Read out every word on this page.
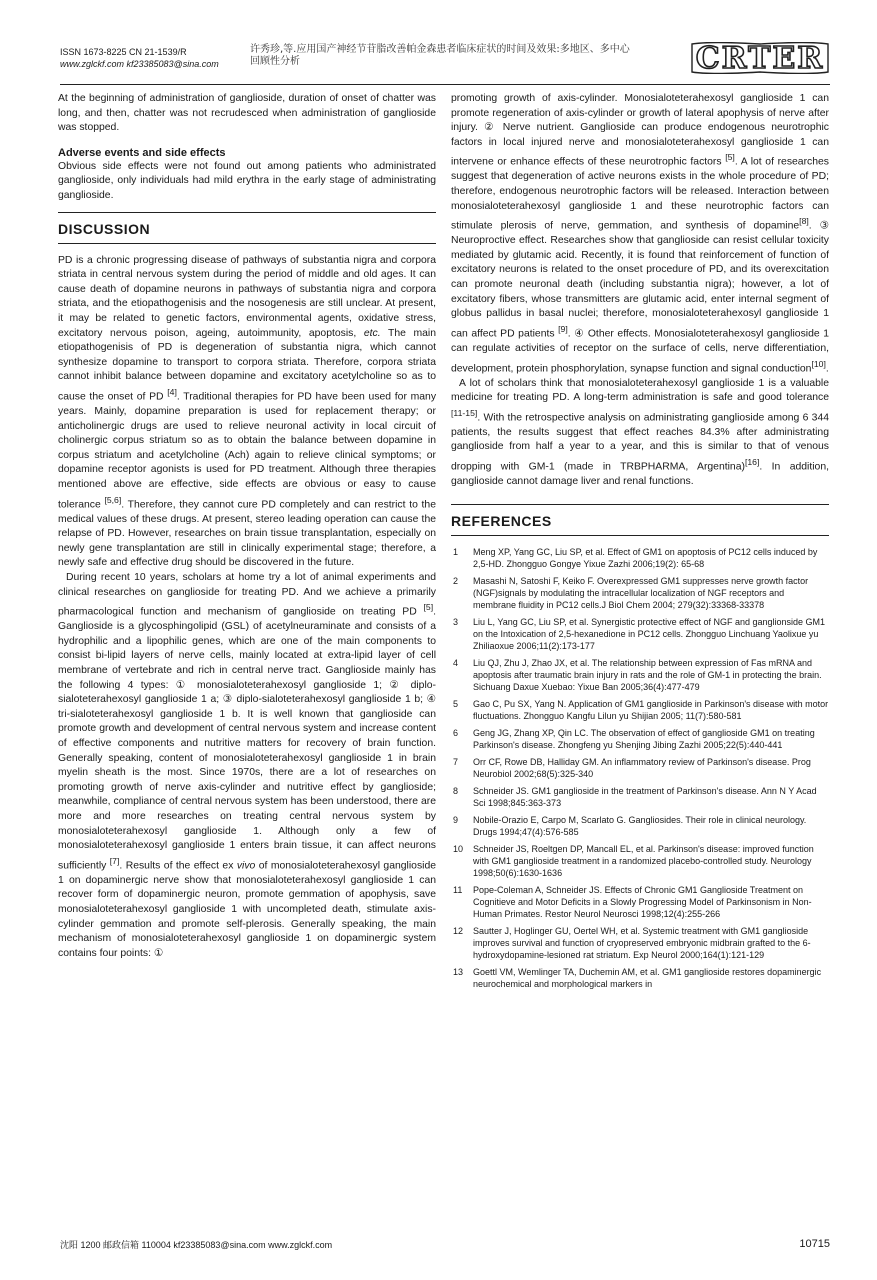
ISSN 1673-8225 CN 21-1539/R
www.zglckf.com kf23385083@sina.com
许秀珍,等.应用国产神经节苷脂改善帕金森患者临床症状的时间及效果:多地区、多中心回顾性分析	CRTER

At the beginning of administration of ganglioside, duration of onset of chatter was long, and then, chatter was not recrudesced when administration of ganglioside was stopped.

Adverse events and side effects

Obvious side effects were not found out among patients who administrated ganglioside, only individuals had mild erythra in the early stage of administrating ganglioside.

DISCUSSION

PD is a chronic progressing disease of pathways of substantia nigra and corpora striata in central nervous system during the period of middle and old ages. It can cause death of dopamine neurons in pathways of substantia nigra and corpora striata, and the etiopathogenisis and the nosogenesis are still unclear. At present, it may be related to genetic factors, environmental agents, oxidative stress, excitatory nervous poison, ageing, autoimmunity, apoptosis, etc. The main etiopathogenisis of PD is degeneration of substantia nigra, which cannot synthesize dopamine to transport to corpora striata. Therefore, corpora striata cannot inhibit balance between dopamine and excitatory acetylcholine so as to cause the onset of PD [4]. Traditional therapies for PD have been used for many years. Mainly, dopamine preparation is used for replacement therapy; or anticholinergic drugs are used to relieve neuronal activity in local circuit of cholinergic corpus striatum so as to obtain the balance between dopamine in corpus striatum and acetylcholine (Ach) again to relieve clinical symptoms; or dopamine receptor agonists is used for PD treatment. Although three therapies mentioned above are effective, side effects are obvious or easy to cause tolerance [5,6]. Therefore, they cannot cure PD completely and can restrict to the medical values of these drugs. At present, stereo leading operation can cause the relapse of PD. However, researches on brain tissue transplantation, especially on newly gene transplantation are still in clinically experimental stage; therefore, a newly safe and effective drug should be discovered in the future.

During recent 10 years, scholars at home try a lot of animal experiments and clinical researches on ganglioside for treating PD. And we achieve a primarily pharmacological function and mechanism of ganglioside on treating PD [5]. Ganglioside is a glycosphingolipid (GSL) of acetylneuraminate and consists of a hydrophilic and a lipophilic genes, which are one of the main components to consist bi-lipid layers of nerve cells, mainly located at extra-lipid layer of cell membrane of vertebrate and rich in central nerve tract. Ganglioside mainly has the following 4 types: ① monosialoteterahexosyl ganglioside 1; ② diplo-sialoteterahexosyl ganglioside 1 a; ③ diplo-sialoteterahexosyl ganglioside 1 b; ④ tri-sialoteterahexosyl ganglioside 1 b. It is well known that ganglioside can promote growth and development of central nervous system and increase content of effective components and nutritive matters for recovery of brain function. Generally speaking, content of monosialoteterahexosyl ganglioside 1 in brain myelin sheath is the most. Since 1970s, there are a lot of researches on promoting growth of nerve axis-cylinder and nutritive effect by ganglioside; meanwhile, compliance of central nervous system has been understood, there are more and more researches on treating central nervous system by monosialoteterahexosyl ganglioside 1. Although only a few of monosialoteterahexosyl ganglioside 1 enters brain tissue, it can affect neurons sufficiently [7]. Results of the effect ex vivo of monosialoteterahexosyl ganglioside 1 on dopaminergic nerve show that monosialoteterahexosyl ganglioside 1 can recover form of dopaminergic neuron, promote gemmation of apophysis, save monosialoteterahexosyl ganglioside 1 with uncompleted death, stimulate axis-cylinder gemmation and promote self-plerosis. Generally speaking, the main mechanism of monosialoteterahexosyl ganglioside 1 on dopaminergic system contains four points: ①

promoting growth of axis-cylinder. Monosialoteterahexosyl ganglioside 1 can promote regeneration of axis-cylinder or growth of lateral apophysis of nerve after injury. ② Nerve nutrient. Ganglioside can produce endogenous neurotrophic factors in local injured nerve and monosialoteterahexosyl ganglioside 1 can intervene or enhance effects of these neurotrophic factors [5]. A lot of researches suggest that degeneration of active neurons exists in the whole procedure of PD; therefore, endogenous neurotrophic factors will be released. Interaction between monosialoteterahexosyl ganglioside 1 and these neurotrophic factors can stimulate plerosis of nerve, gemmation, and synthesis of dopamine[8]. ③ Neuroproctive effect. Researches show that ganglioside can resist cellular toxicity mediated by glutamic acid. Recently, it is found that reinforcement of function of excitatory neurons is related to the onset procedure of PD, and its overexcitation can promote neuronal death (including substantia nigra); however, a lot of excitatory fibers, whose transmitters are glutamic acid, enter internal segment of globus pallidus in basal nuclei; therefore, monosialoteterahexosyl ganglioside 1 can affect PD patients [9]. ④ Other effects. Monosialoteterahexosyl ganglioside 1 can regulate activities of receptor on the surface of cells, nerve differentiation, development, protein phosphorylation, synapse function and signal conduction[10].

A lot of scholars think that monosialoteterahexosyl ganglioside 1 is a valuable medicine for treating PD. A long-term administration is safe and good tolerance [11-15]. With the retrospective analysis on administrating ganglioside among 6 344 patients, the results suggest that effect reaches 84.3% after administrating ganglioside from half a year to a year, and this is similar to that of venous dropping with GM-1 (made in TRBPHARMA, Argentina)[16]. In addition, ganglioside cannot damage liver and renal functions.

REFERENCES
1	Meng XP, Yang GC, Liu SP, et al. Effect of GM1 on apoptosis of PC12 cells induced by 2,5-HD. Zhongguo Gongye Yixue Zazhi 2006;19(2): 65-68
2	Masashi N, Satoshi F, Keiko F. Overexpressed GM1 suppresses nerve growth factor (NGF)signals by modulating the intracellular localization of NGF receptors and membrane fluidity in PC12 cells.J Biol Chem 2004; 279(32):33368-33378
3	Liu L, Yang GC, Liu SP, et al. Synergistic protective effect of NGF and ganglionside GM1 on the Intoxication of 2,5-hexanedione in PC12 cells. Zhongguo Linchuang Yaolixue yu Zhiliaoxue 2006;11(2):173-177
4	Liu QJ, Zhu J, Zhao JX, et al. The relationship between expression of Fas mRNA and apoptosis after traumatic brain injury in rats and the role of GM-1 in protecting the brain. Sichuang Daxue Xuebao: Yixue Ban 2005;36(4):477-479
5	Gao C, Pu SX, Yang N. Application of GM1 ganglioside in Parkinson's disease with motor fluctuations. Zhongguo Kangfu Lilun yu Shijian 2005; 11(7):580-581
6	Geng JG, Zhang XP, Qin LC. The observation of effect of ganglioside GM1 on treating Parkinson's disease. Zhongfeng yu Shenjing Jibing Zazhi 2005;22(5):440-441
7	Orr CF, Rowe DB, Halliday GM. An inflammatory review of Parkinson's disease. Prog Neurobiol 2002;68(5):325-340
8	Schneider JS. GM1 ganglioside in the treatment of Parkinson's disease. Ann N Y Acad Sci 1998;845:363-373
9	Nobile-Orazio E, Carpo M, Scarlato G. Gangliosides. Their role in clinical neurology. Drugs 1994;47(4):576-585
10	Schneider JS, Roeltgen DP, Mancall EL, et al. Parkinson's disease: improved function with GM1 ganglioside treatment in a randomized placebo-controlled study. Neurology 1998;50(6):1630-1636
11	Pope-Coleman A, Schneider JS. Effects of Chronic GM1 Ganglioside Treatment on Cognitieve and Motor Deficits in a Slowly Progressing Model of Parkinsonism in Non-Human Primates. Restor Neurol Neurosci 1998;12(4):255-266
12	Sautter J, Hoglinger GU, Oertel WH, et al. Systemic treatment with GM1 ganglioside improves survival and function of cryopreserved embryonic midbrain grafted to the 6-hydroxydopamine-lesioned rat striatum. Exp Neurol 2000;164(1):121-129
13	Goettl VM, Wemlinger TA, Duchemin AM, et al. GM1 ganglioside restores dopaminergic neurochemical and morphological markers in
沈阳 1200 邮政信箱 110004 kf23385083@sina.com www.zglckf.com	10715
